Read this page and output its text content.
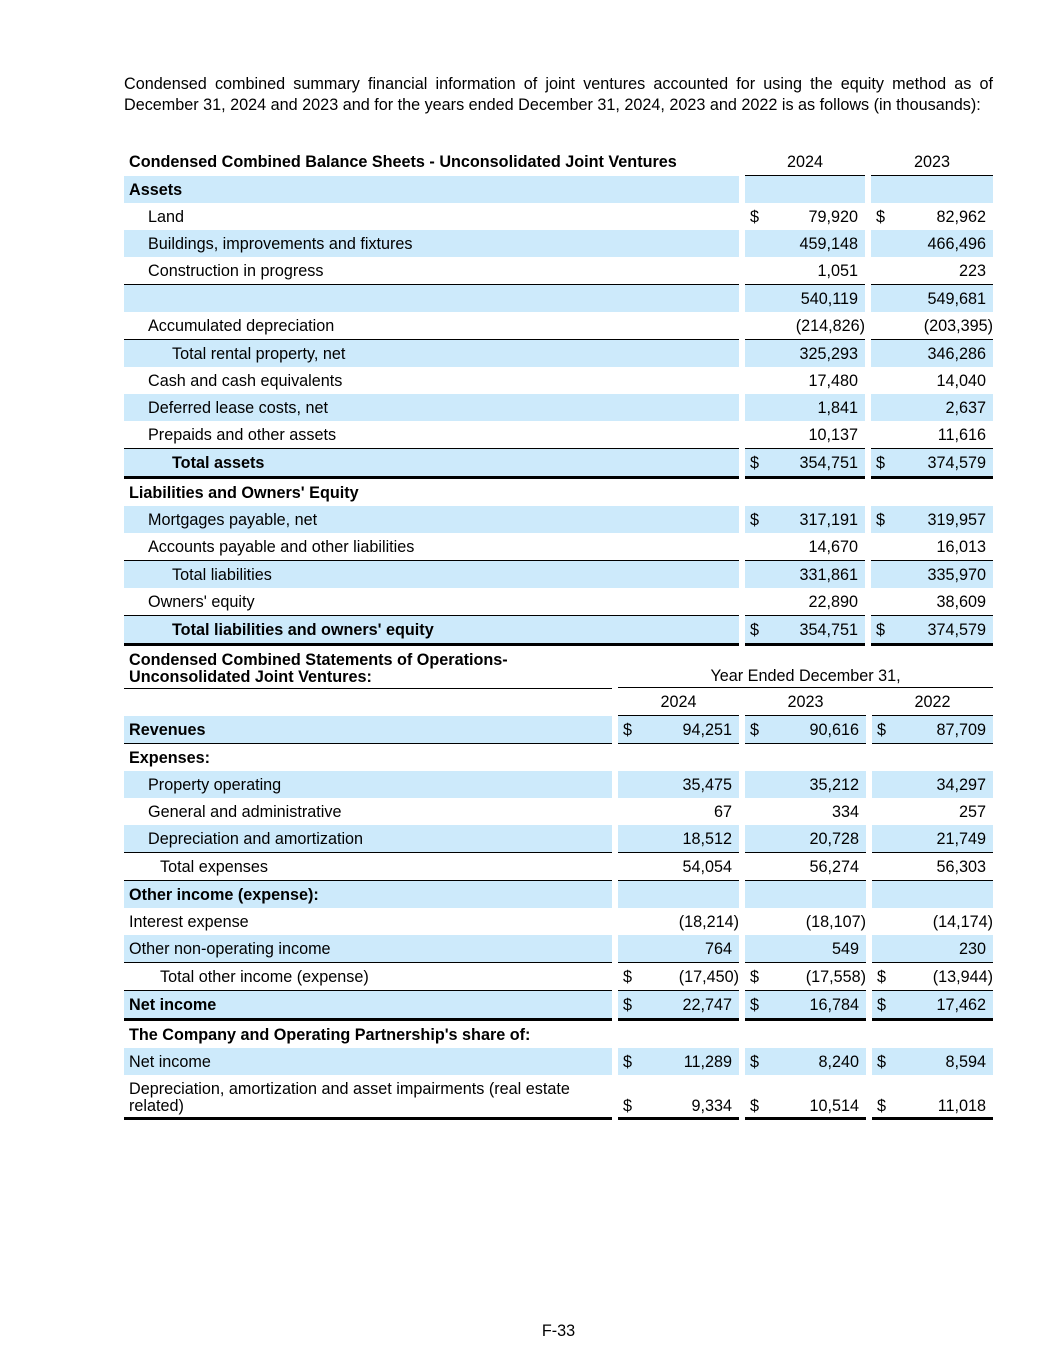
Condensed combined summary financial information of joint ventures accounted for using the equity method as of December 31, 2024 and 2023 and for the years ended December 31, 2024, 2023 and 2022 is as follows (in thousands):

Condensed Combined Balance Sheets - Unconsolidated Joint Ventures		2024			2023	
Assets						
Land		$	79,920		$	82,962
Buildings, improvements and fixtures			459,148			466,496
Construction in progress			1,051			223
			540,119			549,681
Accumulated depreciation			(214,826)			(203,395)
Total rental property, net			325,293			346,286
Cash and cash equivalents			17,480			14,040
Deferred lease costs, net			1,841			2,637
Prepaids and other assets			10,137			11,616
Total assets		$	354,751		$	374,579
Liabilities and Owners' Equity						
Mortgages payable, net		$	317,191		$	319,957
Accounts payable and other liabilities			14,670			16,013
Total liabilities			331,861			335,970
Owners' equity			22,890			38,609
Total liabilities and owners' equity		$	354,751		$	374,579
Condensed Combined Statements of Operations-
Unconsolidated Joint Ventures:		Year Ended December 31,							
		2024			2023			2022	
Revenues		$	94,251		$	90,616		$	87,709
Expenses:									
Property operating			35,475			35,212			34,297
General and administrative			67			334			257
Depreciation and amortization			18,512			20,728			21,749
Total expenses			54,054			56,274			56,303
Other income (expense):									
Interest expense			(18,214)			(18,107)			(14,174)
Other non-operating income			764			549			230
Total other income (expense)		$	(17,450)		$	(17,558)		$	(13,944)
Net income		$	22,747		$	16,784		$	17,462
The Company and Operating Partnership's share of:									
Net income		$	11,289		$	8,240		$	8,594

Depreciation, amortization and asset impairments (real estate
related)		$	9,334		$	10,514		$	11,018
F-33
